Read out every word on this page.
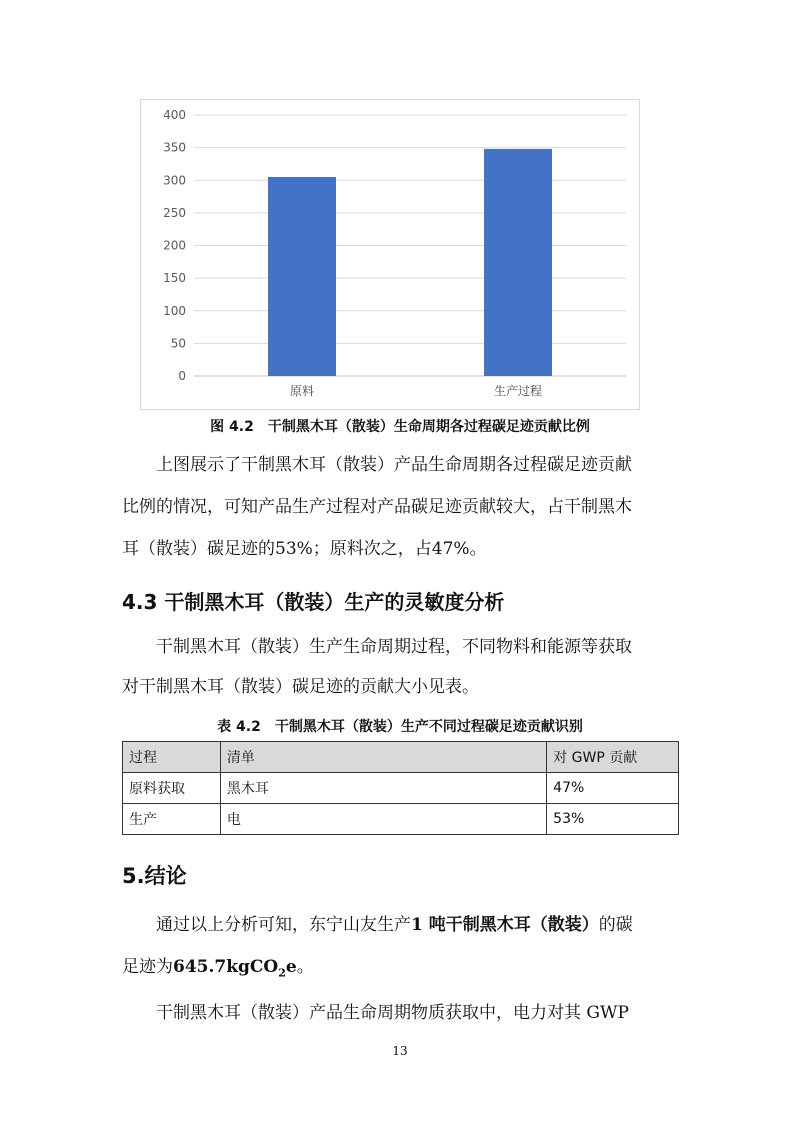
0
50
100
150
200
250
300
350
400
原料	生产过程
图 4.2　干制黑木耳（散装）生命周期各过程碳足迹贡献比例
上图展示了干制黑木耳（散装）产品生命周期各过程碳足迹贡献
比例的情况，可知产品生产过程对产品碳足迹贡献较大，占干制黑木
耳（散装）碳足迹的53%；原料次之，占47%。
4.3 干制黑木耳（散装）生产的灵敏度分析
干制黑木耳（散装）生产生命周期过程，不同物料和能源等获取
对干制黑木耳（散装）碳足迹的贡献大小见表。
表 4.2　干制黑木耳（散装）生产不同过程碳足迹贡献识别
过程	清单	对 GWP 贡献
原料获取	黑木耳	47%
生产	电	53%
5.结论
通过以上分析可知，东宁山友生产1 吨干制黑木耳（散装）的碳
足迹为645.7kgCO$_2$e。
干制黑木耳（散装）产品生命周期物质获取中，电力对其 GWP
13
